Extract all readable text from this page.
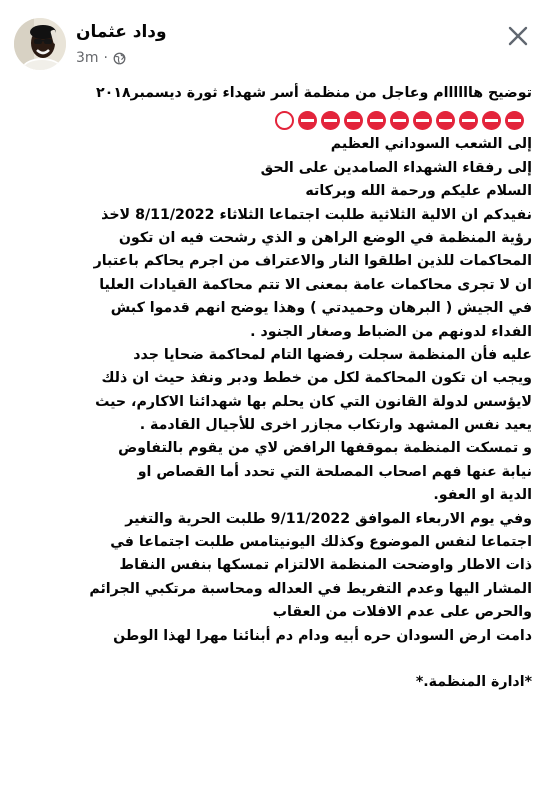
وداد عثمان
3m ·
توضيح هاااااام وعاجل من منظمة أسر شهداء ثورة ديسمبر٢٠١٨
إلى الشعب السوداني العظيم
إلى رفقاء الشهداء الصامدين على الحق
السلام عليكم ورحمة الله وبركاته
نفيدكم ان الالية الثلاثية طلبت اجتماعا الثلاثاء 8/11/2022 لاخذ
رؤية المنظمة في الوضع الراهن و الذي رشحت فيه ان تكون
المحاكمات للذين اطلقوا النار والاعتراف من اجرم يحاكم باعتبار
ان لا تجرى محاكمات عامة بمعنى الا تتم محاكمة القيادات العليا
في الجيش ( البرهان وحميدتي ) وهذا يوضح انهم قدموا كبش
الفداء لدونهم من الضباط وصغار الجنود .
عليه فأن المنظمة سجلت رفضها التام لمحاكمة ضحايا جدد
ويجب ان تكون المحاكمة لكل من خطط ودبر ونفذ حيث ان ذلك
لايؤسس لدولة القانون التي كان يحلم بها شهدائنا الاكارم، حيث
يعيد نفس المشهد وارتكاب مجازر اخرى للأجيال القادمة .
و تمسكت المنظمة بموقفها الرافض لاي من يقوم بالتفاوض
نيابة عنها فهم اصحاب المصلحة التي تحدد أما القصاص او
الدية او العفو.
وفي يوم الاربعاء الموافق 9/11/2022 طلبت الحرية والتغير
اجتماعا لنفس الموضوع وكذلك اليونيتامس طلبت اجتماعا في
ذات الاطار واوضحت المنظمة الالتزام تمسكها بنفس النقاط
المشار اليها وعدم التفريط في العداله ومحاسبة مرتكبي الجرائم
والحرص على عدم الافلات من العقاب
دامت ارض السودان حره أبيه ودام دم أبنائنا مهرا لهذا الوطن
*ادارة المنظمة.*
